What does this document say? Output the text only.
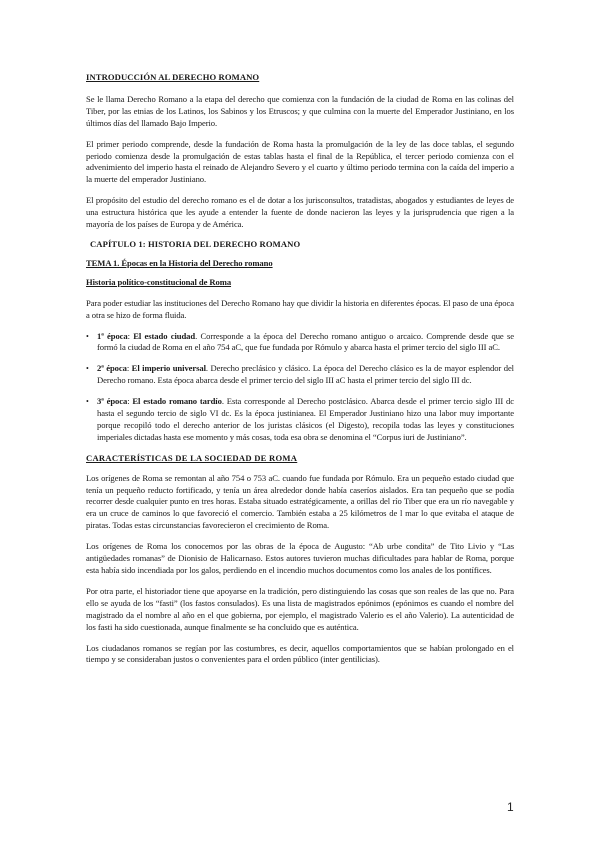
INTRODUCCIÓN AL DERECHO ROMANO

Se le llama Derecho Romano a la etapa del derecho que comienza con la fundación de la ciudad de Roma en las colinas del Tiber, por las etnias de los Latinos, los Sabinos y los Etruscos; y que culmina con la muerte del Emperador Justiniano, en los últimos días del llamado Bajo Imperio.

El primer periodo comprende, desde la fundación de Roma hasta la promulgación de la ley de las doce tablas, el segundo periodo comienza desde la promulgación de estas tablas hasta el final de la República, el tercer periodo comienza con el advenimiento del imperio hasta el reinado de Alejandro Severo y el cuarto y último periodo termina con la caída del imperio a la muerte del emperador Justiniano.

El propósito del estudio del derecho romano es el de dotar a los jurisconsultos, tratadistas, abogados y estudiantes de leyes de una estructura histórica que les ayude a entender la fuente de donde nacieron las leyes y la jurisprudencia que rigen a la mayoría de los países de Europa y de América.

CAPÍTULO 1: HISTORIA DEL DERECHO ROMANO
TEMA 1. Épocas en la Historia del Derecho romano
Historia político-constitucional de Roma

Para poder estudiar las instituciones del Derecho Romano hay que dividir la historia en diferentes épocas. El paso de una época a otra se hizo de forma fluida.

• 1ª época: El estado ciudad. Corresponde a la época del Derecho romano antiguo o arcaico. Comprende desde que se formó la ciudad de Roma en el año 754 aC, que fue fundada por Rómulo y abarca hasta el primer tercio del siglo III aC.
• 2ª época: El imperio universal. Derecho preclásico y clásico. La época del Derecho clásico es la de mayor esplendor del Derecho romano. Esta época abarca desde el primer tercio del siglo III aC hasta el primer tercio del siglo III dc.
• 3ª época: El estado romano tardío. Esta corresponde al Derecho postclásico. Abarca desde el primer tercio siglo III dc hasta el segundo tercio de siglo VI dc. Es la época justinianea. El Emperador Justiniano hizo una labor muy importante porque recopiló todo el derecho anterior de los juristas clásicos (el Digesto), recopila todas las leyes y constituciones imperiales dictadas hasta ese momento y más cosas, toda esa obra se denomina el “Corpus iuri de Justiniano”.
CARACTERÍSTICAS DE LA SOCIEDAD DE ROMA

Los orígenes de Roma se remontan al año 754 o 753 aC. cuando fue fundada por Rómulo. Era un pequeño estado ciudad que tenía un pequeño reducto fortificado, y tenía un área alrededor donde había caseríos aislados. Era tan pequeño que se podía recorrer desde cualquier punto en tres horas. Estaba situado estratégicamente, a orillas del río Tiber que era un río navegable y era un cruce de caminos lo que favoreció el comercio. También estaba a 25 kilómetros de l mar lo que evitaba el ataque de piratas. Todas estas circunstancias favorecieron el crecimiento de Roma.

Los orígenes de Roma los conocemos por las obras de la época de Augusto: “Ab urbe condita” de Tito Livio y “Las antigüedades romanas” de Dionisio de Halicarnaso. Estos autores tuvieron muchas dificultades para hablar de Roma, porque esta había sido incendiada por los galos, perdiendo en el incendio muchos documentos como los anales de los pontífices.

Por otra parte, el historiador tiene que apoyarse en la tradición, pero distinguiendo las cosas que son reales de las que no. Para ello se ayuda de los “fasti” (los fastos consulados). Es una lista de magistrados epónimos (epónimos es cuando el nombre del magistrado da el nombre al año en el que gobierna, por ejemplo, el magistrado Valerio es el año Valerio). La autenticidad de los fasti ha sido cuestionada, aunque finalmente se ha concluido que es auténtica.

Los ciudadanos romanos se regían por las costumbres, es decir, aquellos comportamientos que se habían prolongado en el tiempo y se consideraban justos o convenientes para el orden público (inter gentilicias).

1
